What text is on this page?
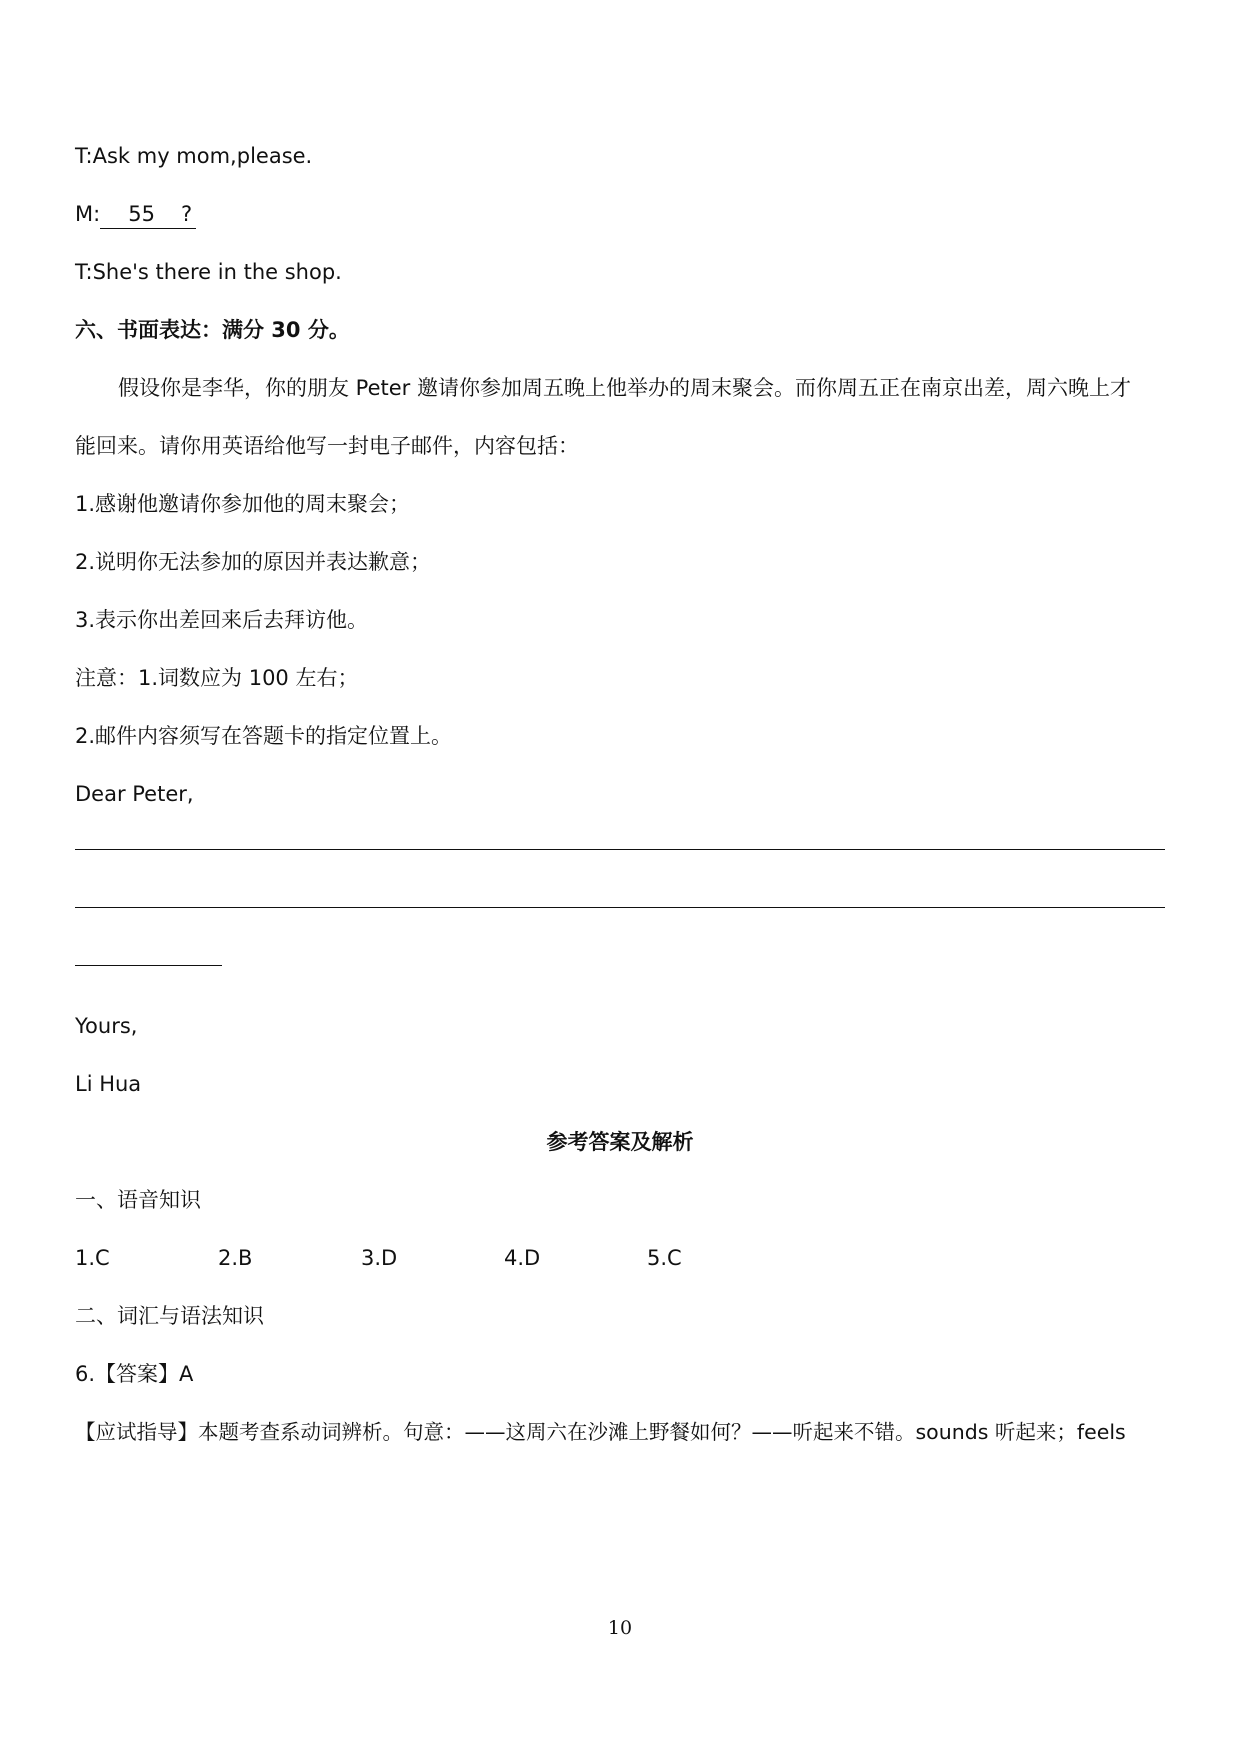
T:Ask my mom,please.
M: 55 ?
T:She's there in the shop.
六、书面表达：满分 30 分。
假设你是李华，你的朋友 Peter 邀请你参加周五晚上他举办的周末聚会。而你周五正在南京出差，周六晚上才
能回来。请你用英语给他写一封电子邮件，内容包括：
1.感谢他邀请你参加他的周末聚会；
2.说明你无法参加的原因并表达歉意；
3.表示你出差回来后去拜访他。
注意：1.词数应为 100 左右；
2.邮件内容须写在答题卡的指定位置上。
Dear Peter,
Yours,
Li Hua
参考答案及解析
一、语音知识
1.C	2.B	3.D	4.D	5.C
二、词汇与语法知识
6.【答案】A
【应试指导】本题考查系动词辨析。句意：——这周六在沙滩上野餐如何？——听起来不错。sounds 听起来；feels
10
